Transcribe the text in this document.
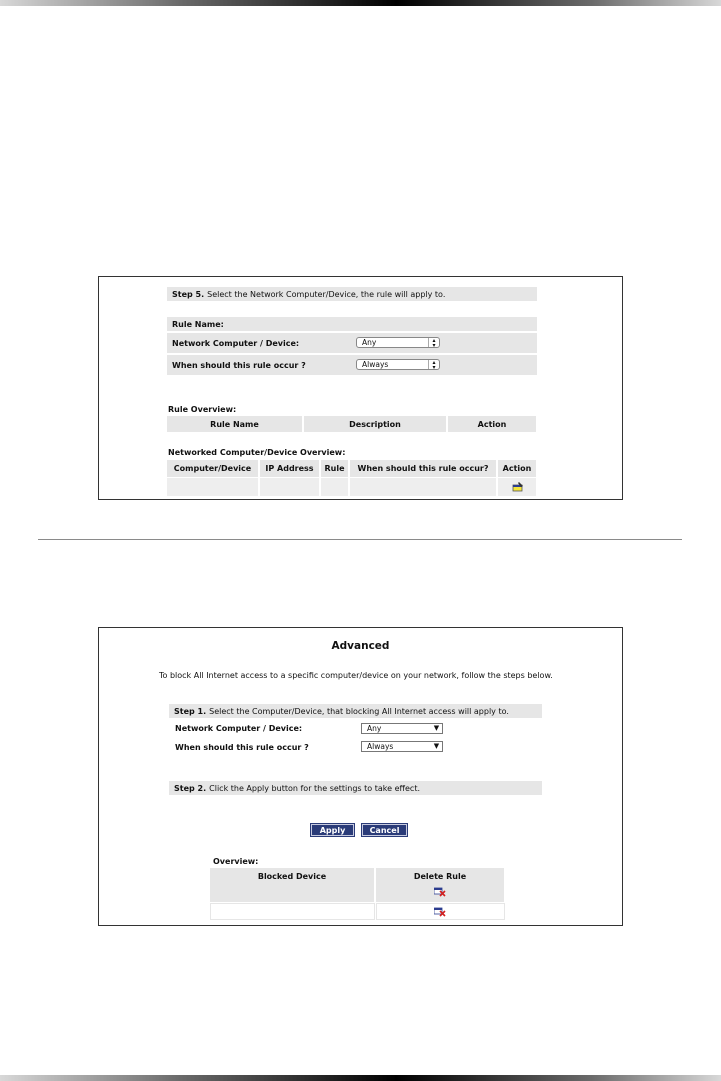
Step 5. Select the Network Computer/Device, the rule will apply to.
Rule Name:
Network Computer / Device:	Any	▴
▾
When should this rule occur ?	Always	▴
▾
Rule Overview:
Rule Name	Description	Action
Networked Computer/Device Overview:
Computer/Device	IP Address	Rule	When should this rule occur?	Action
Advanced
To block All Internet access to a specific computer/device on your network, follow the steps below.
Step 1. Select the Computer/Device, that blocking All Internet access will apply to.
Network Computer / Device:	Any	▼
When should this rule occur ?	Always	▼
Step 2. Click the Apply button for the settings to take effect.
Apply	Cancel
Overview:
Blocked Device	Delete Rule
